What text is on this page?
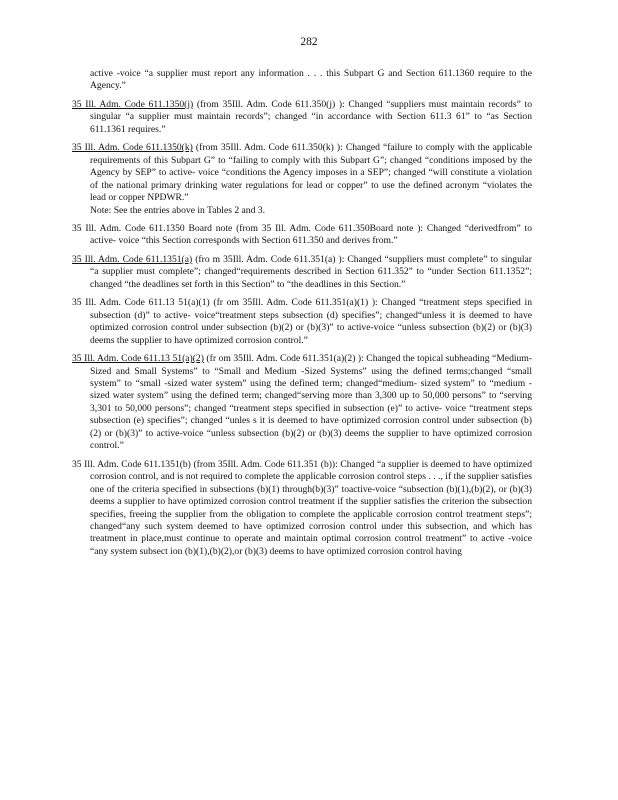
282

active -voice “a supplier must report any information . . . this Subpart G and Section 611.1360 require to the Agency.”

35 Ill. Adm. Code 611.1350(j) (from 35Ill. Adm. Code 611.350(j) ): Changed “suppliers must maintain records” to singular “a supplier must maintain records”; changed “in accordance with Section 611.3 61” to “as Section 611.1361 requires.”

35 Ill. Adm. Code 611.1350(k) (from 35Ill. Adm. Code 611.350(k) ): Changed “failure to comply with the applicable requirements of this Subpart G” to “failing to comply with this Subpart G”; changed “conditions imposed by the Agency by SEP” to active- voice “conditions the Agency imposes in a SEP”; changed “will constitute a violation of the national primary drinking water regulations for lead or copper” to use the defined acronym “violates the lead or copper NPDWR.”
Note: See the entries above in Tables 2 and 3.

35 Ill. Adm. Code 611.1350 Board note (from 35 Ill. Adm. Code 611.350Board note ): Changed “derivedfrom” to active- voice “this Section corresponds with Section 611.350 and derives from.”

35 Ill. Adm. Code 611.1351(a) (fro m 35Ill. Adm. Code 611.351(a) ): Changed “suppliers must complete” to singular “a supplier must complete”; changed“requirements described in Section 611.352” to “under Section 611.1352”; changed “the deadlines set forth in this Section” to “the deadlines in this Section.”

35 Ill. Adm. Code 611.13 51(a)(1) (fr om 35Ill. Adm. Code 611.351(a)(1) ): Changed “treatment steps specified in subsection (d)” to active- voice“treatment steps subsection (d) specifies”; changed“unless it is deemed to have optimized corrosion control under subsection (b)(2) or (b)(3)” to active-voice “unless subsection (b)(2) or (b)(3) deems the supplier to have optimized corrosion control.”

35 Ill. Adm. Code 611.13 51(a)(2) (fr om 35Ill. Adm. Code 611.351(a)(2) ): Changed the topical subheading “Medium- Sized and Small Systems” to “Small and Medium -Sized Systems” using the defined terms;changed “small system” to “small -sized water system” using the defined term; changed“medium- sized system” to “medium -sized water system” using the defined term; changed“serving more than 3,300 up to 50,000 persons” to “serving 3,301 to 50,000 persons”; changed “treatment steps specified in subsection (e)” to active- voice “treatment steps subsection (e) specifies”; changed “unles s it is deemed to have optimized corrosion control under subsection (b)(2) or (b)(3)” to active-voice “unless subsection (b)(2) or (b)(3) deems the supplier to have optimized corrosion control.”

35 Ill. Adm. Code 611.1351(b) (from 35Ill. Adm. Code 611.351 (b)): Changed “a supplier is deemed to have optimized corrosion control, and is not required to complete the applicable corrosion control steps . . ., if the supplier satisfies one of the criteria specified in subsections (b)(1) through(b)(3)” toactive-voice “subsection (b)(1),(b)(2), or (b)(3) deems a supplier to have optimized corrosion control treatment if the supplier satisfies the criterion the subsection specifies, freeing the supplier from the obligation to complete the applicable corrosion control treatment steps”; changed“any such system deemed to have optimized corrosion control under this subsection, and which has treatment in place,must continue to operate and maintain optimal corrosion control treatment” to active -voice “any system subsect ion (b)(1),(b)(2),or (b)(3) deems to have optimized corrosion control having
